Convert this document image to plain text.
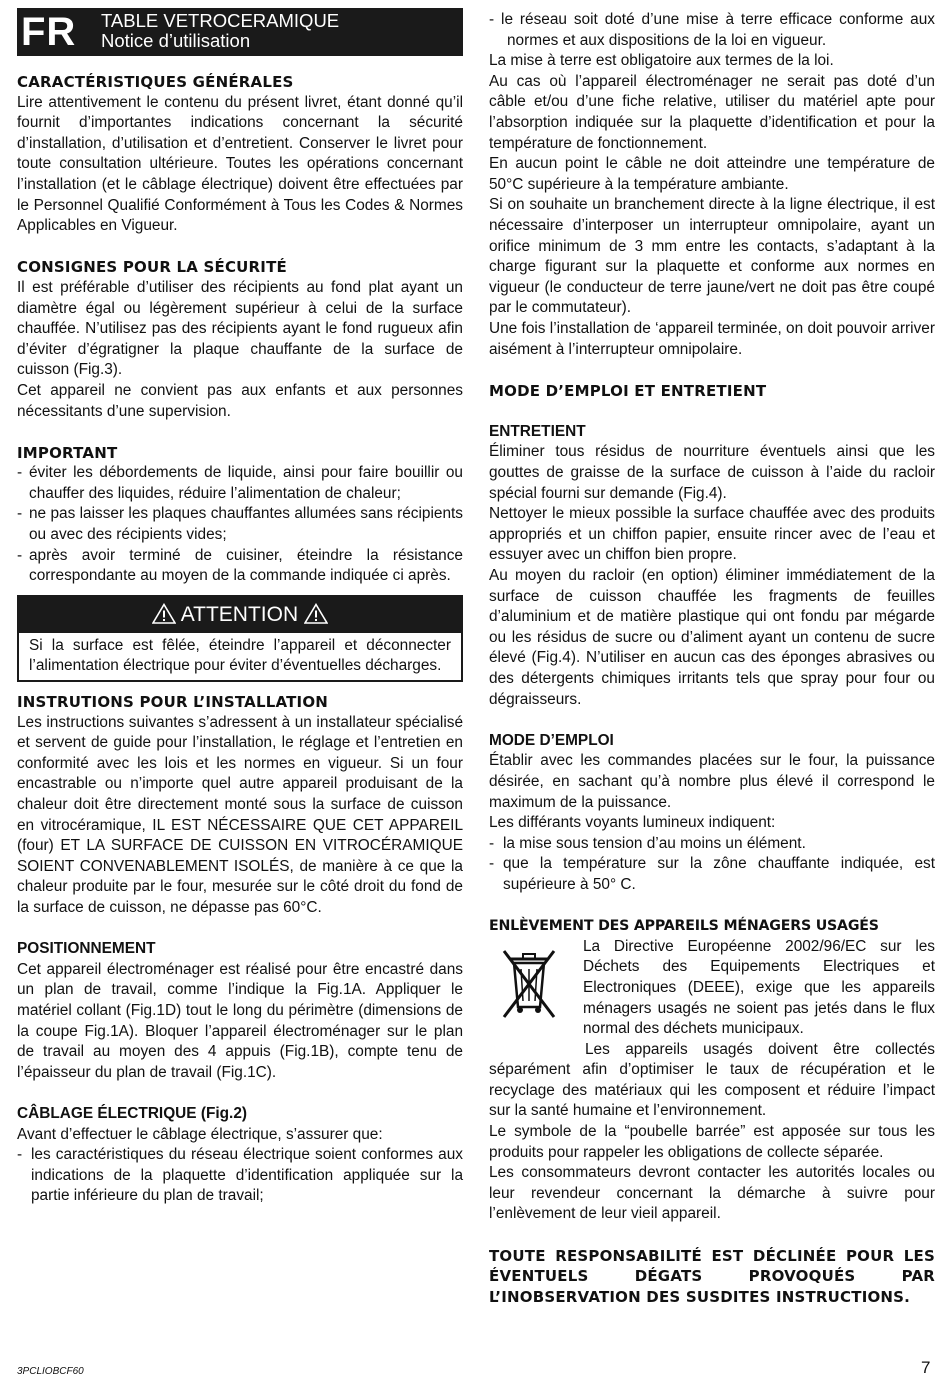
FR	TABLE VETROCERAMIQUE
Notice d’utilisation
CARACTÉRISTIQUES GÉNÉRALES

Lire attentivement le contenu du présent livret, étant donné qu’il fournit d’importantes indications concernant la sécurité d’installation, d’utilisation et d’entretient. Conserver le livret pour toute consultation ultérieure. Toutes les opérations concernant l’installation (et le câblage électrique) doivent être effectuées par le Personnel Qualifié Conformément à Tous les Codes & Normes Applicables en Vigueur.

CONSIGNES POUR LA SÉCURITÉ

Il est préférable d’utiliser des récipients au fond plat ayant un diamètre égal ou légèrement supérieur à celui de la surface chauffée. N’utilisez pas des récipients ayant le fond rugueux afin d’éviter d’égratigner la plaque chauffante de la surface de cuisson (Fig.3).

Cet appareil ne convient pas aux enfants et aux personnes nécessitants d’une supervision.

IMPORTANT
- éviter les débordements de liquide, ainsi pour faire bouillir ou chauffer des liquides, réduire l’alimentation de chaleur;
- ne pas laisser les plaques chauffantes allumées sans récipients ou avec des récipients vides;
- après avoir terminé de cuisiner, éteindre la résistance correspondante au moyen de la commande indiquée ci après.
ATTENTION
Si la surface est fêlée, éteindre l’appareil et déconnecter l’alimentation électrique pour éviter d’éventuelles décharges.
INSTRUTIONS POUR L’INSTALLATION

Les instructions suivantes s’adressent à un installateur spécialisé et servent de guide pour l’installation, le réglage et l’entretien en conformité avec les lois et les normes en vigueur. Si un four encastrable ou n’importe quel autre appareil produisant de la chaleur doit être directement monté sous la surface de cuisson en vitrocéramique, IL EST NÉCESSAIRE QUE CET APPAREIL (four) ET LA SURFACE DE CUISSON EN VITROCÉRAMIQUE SOIENT CONVENABLEMENT ISOLÉS, de manière à ce que la chaleur produite par le four, mesurée sur le côté droit du fond de la surface de cuisson, ne dépasse pas 60°C.

POSITIONNEMENT

Cet appareil électroménager est réalisé pour être encastré dans un plan de travail, comme l’indique la Fig.1A. Appliquer le matériel collant (Fig.1D) tout le long du périmètre (dimensions de la coupe Fig.1A). Bloquer l’appareil électroménager sur le plan de travail au moyen des 4 appuis (Fig.1B), compte tenu de l’épaisseur du plan de travail (Fig.1C).

CÂBLAGE ÉLECTRIQUE (Fig.2)

Avant d’effectuer le câblage électrique, s’assurer que:

- les caractéristiques du réseau électrique soient conformes aux indications de la plaquette d’identification appliquée sur la partie inférieure du plan de travail;

- le réseau soit doté d’une mise à terre efficace conforme aux normes et aux dispositions de la loi en vigueur.

La mise à terre est obligatoire aux termes de la loi.

Au cas où l’appareil électroménager ne serait pas doté d’un câble et/ou d’une fiche relative, utiliser du matériel apte pour l’absorption indiquée sur la plaquette d’identification et pour la température de fonctionnement.

En aucun point le câble ne doit atteindre une température de 50°C supérieure à la température ambiante.

Si on souhaite un branchement directe à la ligne électrique, il est nécessaire d’interposer un interrupteur omnipolaire, ayant un orifice minimum de 3 mm entre les contacts, s’adaptant à la charge figurant sur la plaquette et conforme aux normes en vigueur (le conducteur de terre jaune/vert ne doit pas être coupé par le commutateur).

Une fois l’installation de ‘appareil terminée, on doit pouvoir arriver aisément à l’interrupteur omnipolaire.

MODE D’EMPLOI ET ENTRETIENT
ENTRETIENT

Éliminer tous résidus de nourriture éventuels ainsi que les gouttes de graisse de la surface de cuisson à l’aide du racloir spécial fourni sur demande (Fig.4).

Nettoyer le mieux possible la surface chauffée avec des produits appropriés et un chiffon papier, ensuite rincer avec de l’eau et essuyer avec un chiffon bien propre.

Au moyen du racloir (en option) éliminer immédiatement de la surface de cuisson chauffée les fragments de feuilles d’aluminium et de matière plastique qui ont fondu par mégarde ou les résidus de sucre ou d’aliment ayant un contenu de sucre élevé (Fig.4). N’utiliser en aucun cas des éponges abrasives ou des détergents chimiques irritants tels que spray pour four ou dégraisseurs.

MODE D’EMPLOI

Établir avec les commandes placées sur le four, la puissance désirée, en sachant qu’à nombre plus élevé il correspond le maximum de la puissance.

Les différants voyants lumineux indiquent:

- la mise sous tension d’au moins un élément.
- que la température sur la zône chauffante indiquée, est supérieure à 50° C.
ENLÈVEMENT DES APPAREILS MÉNAGERS USAGÉS

La Directive Européenne 2002/96/EC sur les Déchets des Equipements Electriques et Electroniques (DEEE), exige que les appareils ménagers usagés ne soient pas jetés dans le flux normal des déchets municipaux.

Les appareils usagés doivent être collectés séparément afin d’optimiser le taux de récupération et le recyclage des matériaux qui les composent et réduire l’impact sur la santé humaine et l’environnement.

Le symbole de la “poubelle barrée” est apposée sur tous les produits pour rappeler les obligations de collecte séparée.

Les consommateurs devront contacter les autorités locales ou leur revendeur concernant la démarche à suivre pour l’enlèvement de leur vieil appareil.

TOUTE RESPONSABILITÉ EST DÉCLINÉE POUR LES ÉVENTUELS DÉGATS PROVOQUÉS PAR L’INOBSERVATION DES SUSDITES INSTRUCTIONS.

3PCLIOBCF60	7
